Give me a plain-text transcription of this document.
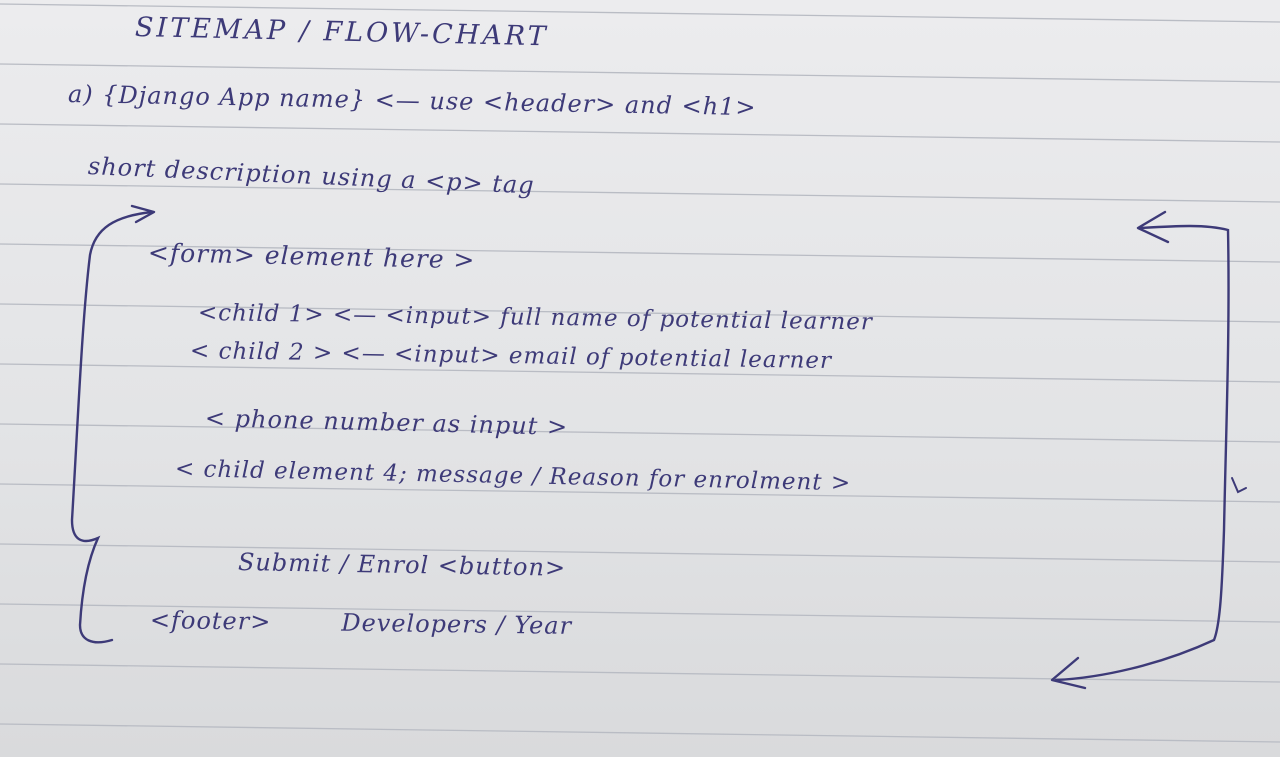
SITEMAP / FLOW-CHART
a) {Django App name} <— use <header> and <h1>
short description using a <p> tag
<form> element here >
<child 1> <— <input> full name of potential learner
< child 2 > <— <input> email of potential learner
< phone number as input >
< child element 4; message / Reason for enrolment >
Submit / Enrol <button>
<footer>	Developers / Year
